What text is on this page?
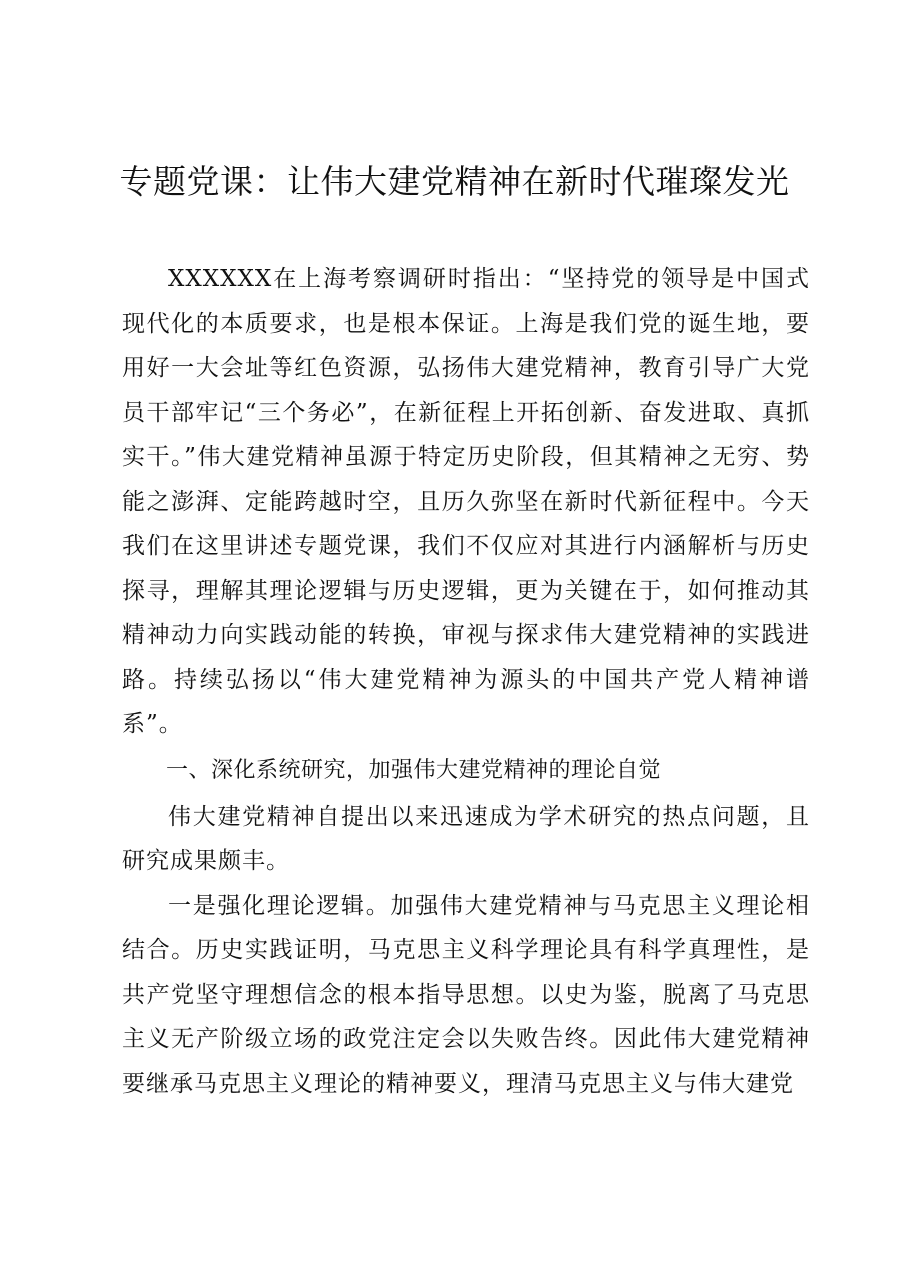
专题党课：让伟大建党精神在新时代璀璨发光

XXXXXX在上海考察调研时指出：“坚持党的领导是中国式现代化的本质要求，也是根本保证。上海是我们党的诞生地，要用好一大会址等红色资源，弘扬伟大建党精神，教育引导广大党员干部牢记“三个务必”，在新征程上开拓创新、奋发进取、真抓实干。”伟大建党精神虽源于特定历史阶段，但其精神之无穷、势能之澎湃、定能跨越时空，且历久弥坚在新时代新征程中。今天我们在这里讲述专题党课，我们不仅应对其进行内涵解析与历史探寻，理解其理论逻辑与历史逻辑，更为关键在于，如何推动其精神动力向实践动能的转换，审视与探求伟大建党精神的实践进路。持续弘扬以“伟大建党精神为源头的中国共产党人精神谱系”。

一、深化系统研究，加强伟大建党精神的理论自觉

伟大建党精神自提出以来迅速成为学术研究的热点问题，且研究成果颇丰。

一是强化理论逻辑。加强伟大建党精神与马克思主义理论相结合。历史实践证明，马克思主义科学理论具有科学真理性，是共产党坚守理想信念的根本指导思想。以史为鉴，脱离了马克思主义无产阶级立场的政党注定会以失败告终。因此伟大建党精神要继承马克思主义理论的精神要义，理清马克思主义与伟大建党
